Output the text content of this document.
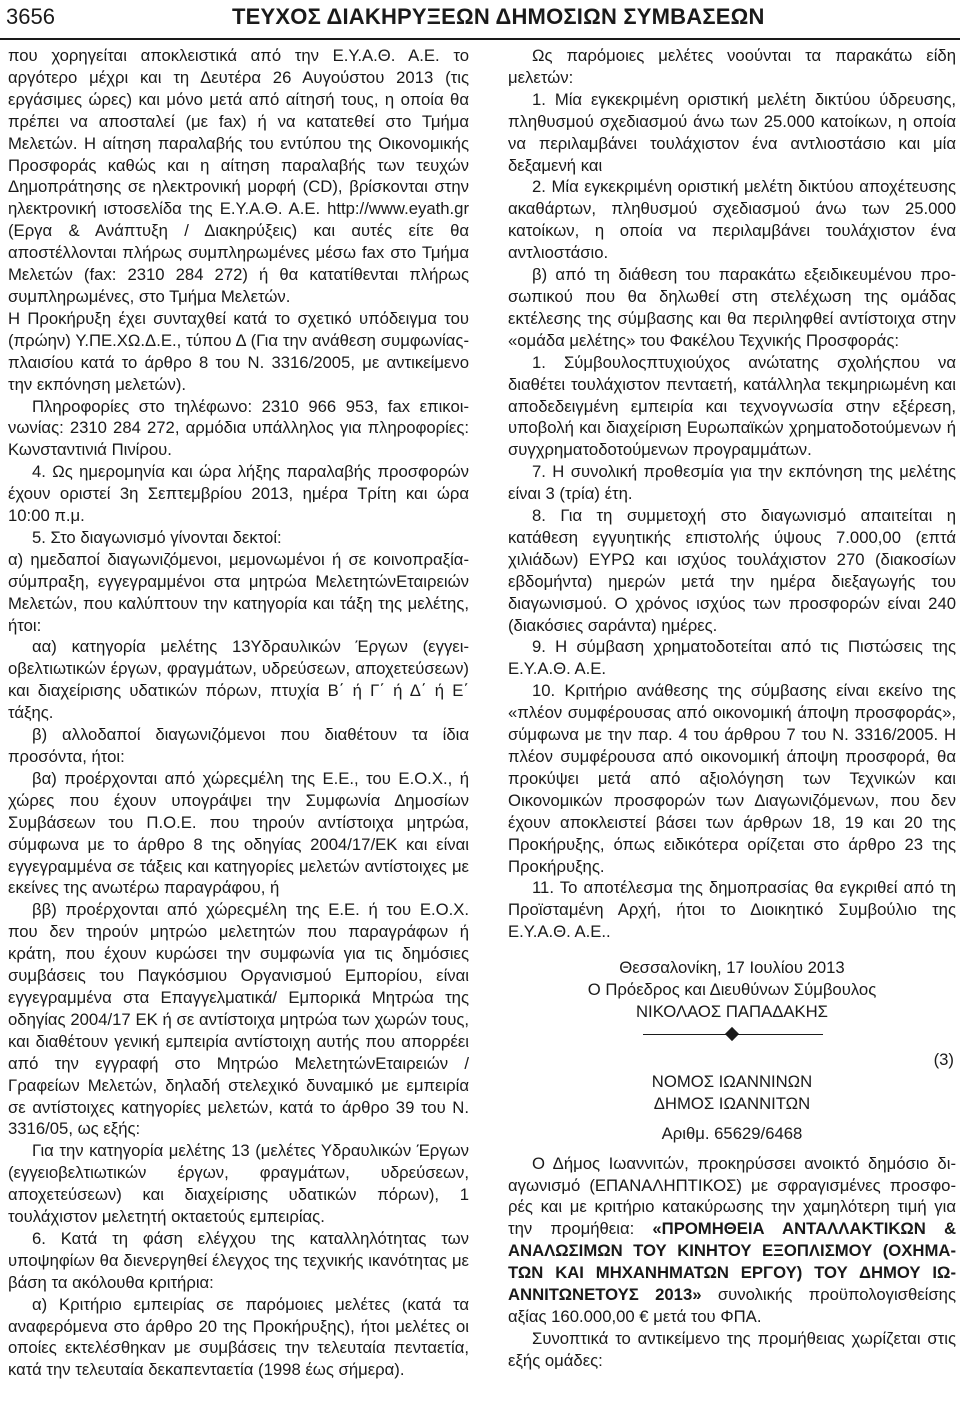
3656	ΤΕΥΧΟΣ ΔΙΑΚΗΡΥΞΕΩΝ ΔΗΜΟΣΙΩΝ ΣΥΜΒΑΣΕΩΝ

που χορηγείται αποκλειστικά από την Ε.Υ.Α.Θ. Α.Ε. το αργότερο μέχρι και τη Δευτέρα 26 Αυγούστου 2013 (τις εργάσιμες ώρες) και μόνο μετά από αίτησή τους, η οποία θα πρέπει να αποσταλεί (με fax) ή να κατατεθεί στο Τμήμα Μελετών. Η αίτηση παραλαβής του εντύπου της Οικονομικής Προσφοράς καθώς και η αίτηση παραλαβής των τευχών Δημοπράτησης σε ηλεκτρονική μορφή (CD), βρίσκονται στην ηλεκτρονική ιστοσελίδα της Ε.Υ.Α.Θ. Α.Ε. http://www.eyath.gr (Εργα & Ανάπτυξη / Διακηρύξεις) και αυτές είτε θα αποστέλλονται πλήρως συμπληρωμένες μέσω fax στο Τμήμα Μελετών (fax: 2310 284 272) ή θα κατατίθενται πλήρως συμπληρωμένες, στο Τμήμα Μελετών.

Η Προκήρυξη έχει συνταχθεί κατά το σχετικό υπόδειγμα του (πρώην) Υ.ΠΕ.ΧΩ.Δ.Ε., τύπου Δ (Για την ανάθεση συμφωνίαςπλαισίου κατά το άρθρο 8 του Ν. 3316/2005, με αντικείμενο την εκπόνηση μελετών).

Πληροφορίες στο τηλέφωνο: 2310 966 953, fax επικοινωνίας: 2310 284 272, αρμόδια υπάλληλος για πληροφορίες: Κωνσταντινιά Πινίρου.

4. Ως ημερομηνία και ώρα λήξης παραλαβής προσφορών έχουν οριστεί 3η Σεπτεμβρίου 2013, ημέρα Τρίτη και ώρα 10:00 π.μ.

5. Στο διαγωνισμό γίνονται δεκτοί:

α) ημεδαποί διαγωνιζόμενοι, μεμονωμένοι ή σε κοινοπραξίασύμπραξη, εγγεγραμμένοι στα μητρώα ΜελετητώνΕταιρειών Μελετών, που καλύπτουν την κατηγορία και τάξη της μελέτης, ήτοι:

αα) κατηγορία μελέτης 13Υδραυλικών Έργων (εγγειοβελτιωτικών έργων, φραγμάτων, υδρεύσεων, αποχετεύσεων) και διαχείρισης υδατικών πόρων, πτυχία Β΄ ή Γ΄ ή Δ΄ ή Ε΄ τάξης.

β) αλλοδαποί διαγωνιζόμενοι που διαθέτουν τα ίδια προσόντα, ήτοι:

βα) προέρχονται από χώρεςμέλη της Ε.Ε., του Ε.Ο.Χ., ή χώρες που έχουν υπογράψει την Συμφωνία Δημοσίων Συμβάσεων του Π.Ο.Ε. που τηρούν αντίστοιχα μητρώα, σύμφωνα με το άρθρο 8 της οδηγίας 2004/17/ΕΚ και είναι εγγεγραμμένα σε τάξεις και κατηγορίες μελετών αντίστοιχες με εκείνες της ανωτέρω παραγράφου, ή

ββ) προέρχονται από χώρεςμέλη της Ε.Ε. ή του Ε.Ο.Χ. που δεν τηρούν μητρώο μελετητών που παραγράφων ή κράτη, που έχουν κυρώσει την συμφωνία για τις δημόσιες συμβάσεις του Παγκόσμιου Οργανισμού Εμπορίου, είναι εγγεγραμμένα στα Επαγγελματικά/ Εμπορικά Μητρώα της οδηγίας 2004/17 ΕΚ ή σε αντίστοιχα μητρώα των χωρών τους, και διαθέτουν γενική εμπειρία αντίστοιχη αυτής που απορρέει από την εγγραφή στο Μητρώο ΜελετητώνΕταιρειών / Γραφείων Μελετών, δηλαδή στελεχικό δυναμικό με εμπειρία σε αντίστοιχες κατηγορίες μελετών, κατά το άρθρο 39 του Ν. 3316/05, ως εξής:

Για την κατηγορία μελέτης 13 (μελέτες Υδραυλικών Έργων (εγγειοβελτιωτικών έργων, φραγμάτων, υδρεύσεων, αποχετεύσεων) και διαχείρισης υδατικών πόρων), 1 τουλάχιστον μελετητή οκταετούς εμπειρίας.

6. Κατά τη φάση ελέγχου της καταλληλότητας των υποψηφίων θα διενεργηθεί έλεγχος της τεχνικής ικανότητας με βάση τα ακόλουθα κριτήρια:

α) Κριτήριο εμπειρίας σε παρόμοιες μελέτες (κατά τα αναφερόμενα στο άρθρο 20 της Προκήρυξης), ήτοι μελέτες οι οποίες εκτελέσθηκαν με συμβάσεις την τελευταία πενταετία, κατά την τελευταία δεκαπενταετία (1998 έως σήμερα).

Ως παρόμοιες μελέτες νοούνται τα παρακάτω είδη μελετών:

1. Μία εγκεκριμένη οριστική μελέτη δικτύου ύδρευσης, πληθυσμού σχεδιασμού άνω των 25.000 κατοίκων, η οποία να περιλαμβάνει τουλάχιστον ένα αντλιοστάσιο και μία δεξαμενή και

2. Μία εγκεκριμένη οριστική μελέτη δικτύου αποχέτευσης ακαθάρτων, πληθυσμού σχεδιασμού άνω των 25.000 κατοίκων, η οποία να περιλαμβάνει τουλάχιστον ένα αντλιοστάσιο.

β) από τη διάθεση του παρακάτω εξειδικευμένου προσωπικού που θα δηλωθεί στη στελέχωση της ομάδας εκτέλεσης της σύμβασης και θα περιληφθεί αντίστοιχα στην «ομάδα μελέτης» του Φακέλου Τεχνικής Προσφοράς:

1. Σύμβουλοςπτυχιούχος ανώτατης σχολήςπου να διαθέτει τουλάχιστον πενταετή, κατάλληλα τεκμηριωμένη και αποδεδειγμένη εμπειρία και τεχνογνωσία στην εξέρεση, υποβολή και διαχείριση Ευρωπαϊκών χρηματοδοτούμενων ή συγχρηματοδοτούμενων προγραμμάτων.

7. Η συνολική προθεσμία για την εκπόνηση της μελέτης είναι 3 (τρία) έτη.

8. Για τη συμμετοχή στο διαγωνισμό απαιτείται η κατάθεση εγγυητικής επιστολής ύψους 7.000,00 (επτά χιλιάδων) ΕΥΡΩ και ισχύος τουλάχιστον 270 (διακοσίων εβδομήντα) ημερών μετά την ημέρα διεξαγωγής του διαγωνισμού. Ο χρόνος ισχύος των προσφορών είναι 240 (διακόσιες σαράντα) ημέρες.

9. Η σύμβαση χρηματοδοτείται από τις Πιστώσεις της Ε.Υ.Α.Θ. Α.Ε.

10. Κριτήριο ανάθεσης της σύμβασης είναι εκείνο της «πλέον συμφέρουσας από οικονομική άποψη προσφοράς», σύμφωνα με την παρ. 4 του άρθρου 7 του Ν. 3316/2005. Η πλέον συμφέρουσα από οικονομική άποψη προσφορά, θα προκύψει μετά από αξιολόγηση των Τεχνικών και Οικονομικών προσφορών των Διαγωνιζόμενων, που δεν έχουν αποκλειστεί βάσει των άρθρων 18, 19 και 20 της Προκήρυξης, όπως ειδικότερα ορίζεται στο άρθρο 23 της Προκήρυξης.

11. Το αποτέλεσμα της δημοπρασίας θα εγκριθεί από τη Προϊσταμένη Αρχή, ήτοι το Διοικητικό Συμβούλιο της Ε.Υ.Α.Θ. Α.Ε..

Θεσσαλονίκη, 17 Ιουλίου 2013

Ο Πρόεδρος και Διευθύνων Σύμβουλος

ΝΙΚΟΛΑΟΣ ΠΑΠΑΔΑΚΗΣ

(3)

ΝΟΜΟΣ ΙΩΑΝΝΙΝΩΝ

ΔΗΜΟΣ ΙΩΑΝΝΙΤΩΝ

Αριθμ. 65629/6468

Ο Δήμος Ιωαννιτών, προκηρύσσει ανοικτό δημόσιο διαγωνισμό (ΕΠΑΝΑΛΗΠΤΙΚΟΣ) με σφραγισμένες προσφορές και με κριτήριο κατακύρωσης την χαμηλότερη τιμή για την προμήθεια: «ΠΡΟΜΗΘΕΙΑ ΑΝΤΑΛΛΑΚΤΙΚΩΝ & ΑΝΑΛΩΣΙΜΩΝ ΤΟΥ ΚΙΝΗΤΟΥ ΕΞΟΠΛΙΣΜΟΥ (ΟΧΗΜΑΤΩΝ ΚΑΙ ΜΗΧΑΝΗΜΑΤΩΝ ΕΡΓΟΥ) ΤΟΥ ΔΗΜΟΥ ΙΩΑΝΝΙΤΩΝΕΤΟΥΣ 2013» συνολικής προϋπολογισθείσης αξίας 160.000,00 € μετά του ΦΠΑ.

Συνοπτικά το αντικείμενο της προμήθειας χωρίζεται στις εξής ομάδες:
